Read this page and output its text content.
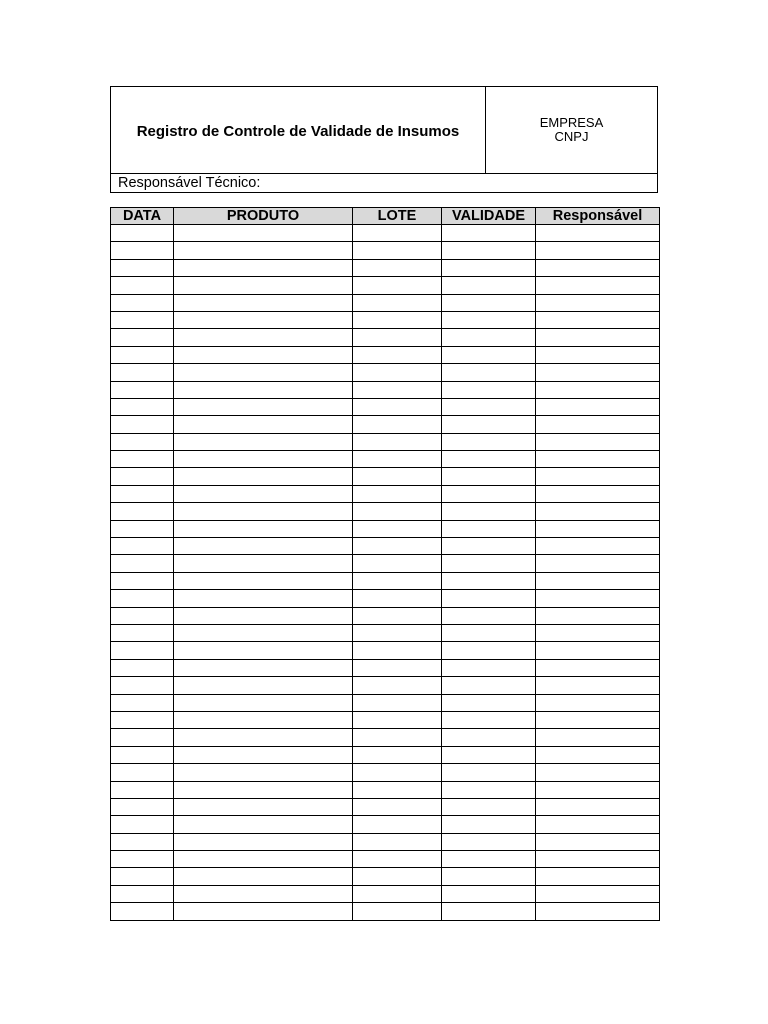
Registro de Controle de Validade de Insumos	EMPRESA
CNPJ
Responsável Técnico:
DATA	PRODUTO	LOTE	VALIDADE	Responsável
